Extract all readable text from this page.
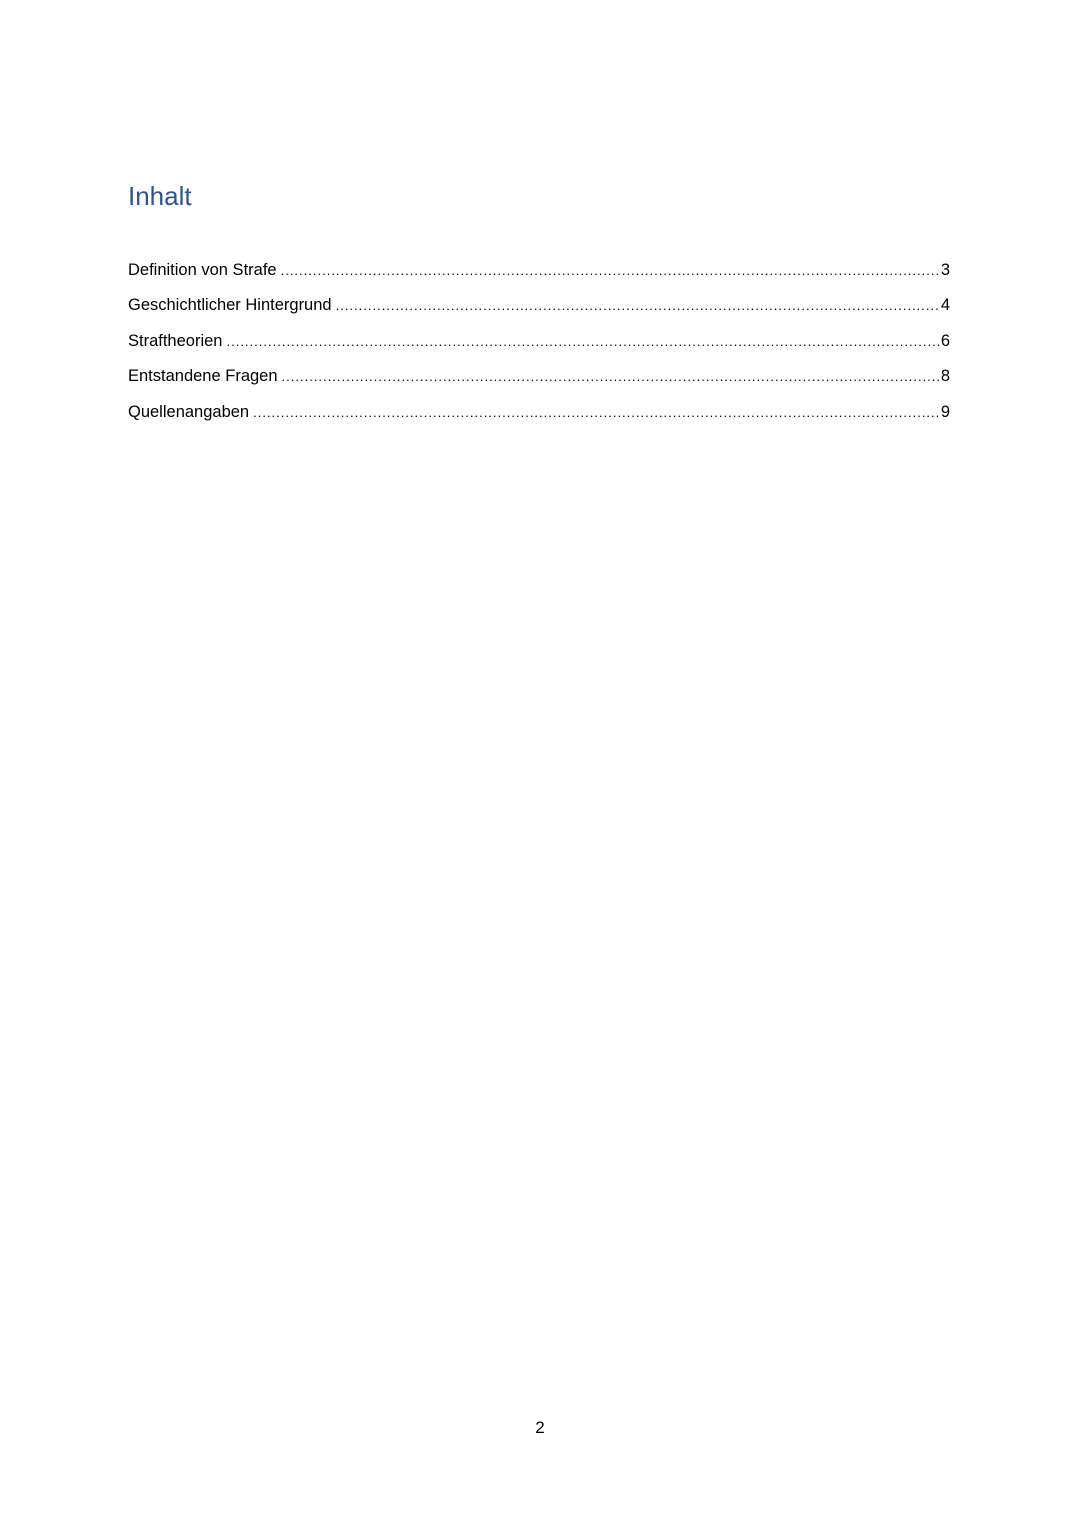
Inhalt
Definition von Strafe .....	3
Geschichtlicher Hintergrund .....	4
Straftheorien .....	6
Entstandene Fragen .....	8
Quellenangaben .....	9
2
